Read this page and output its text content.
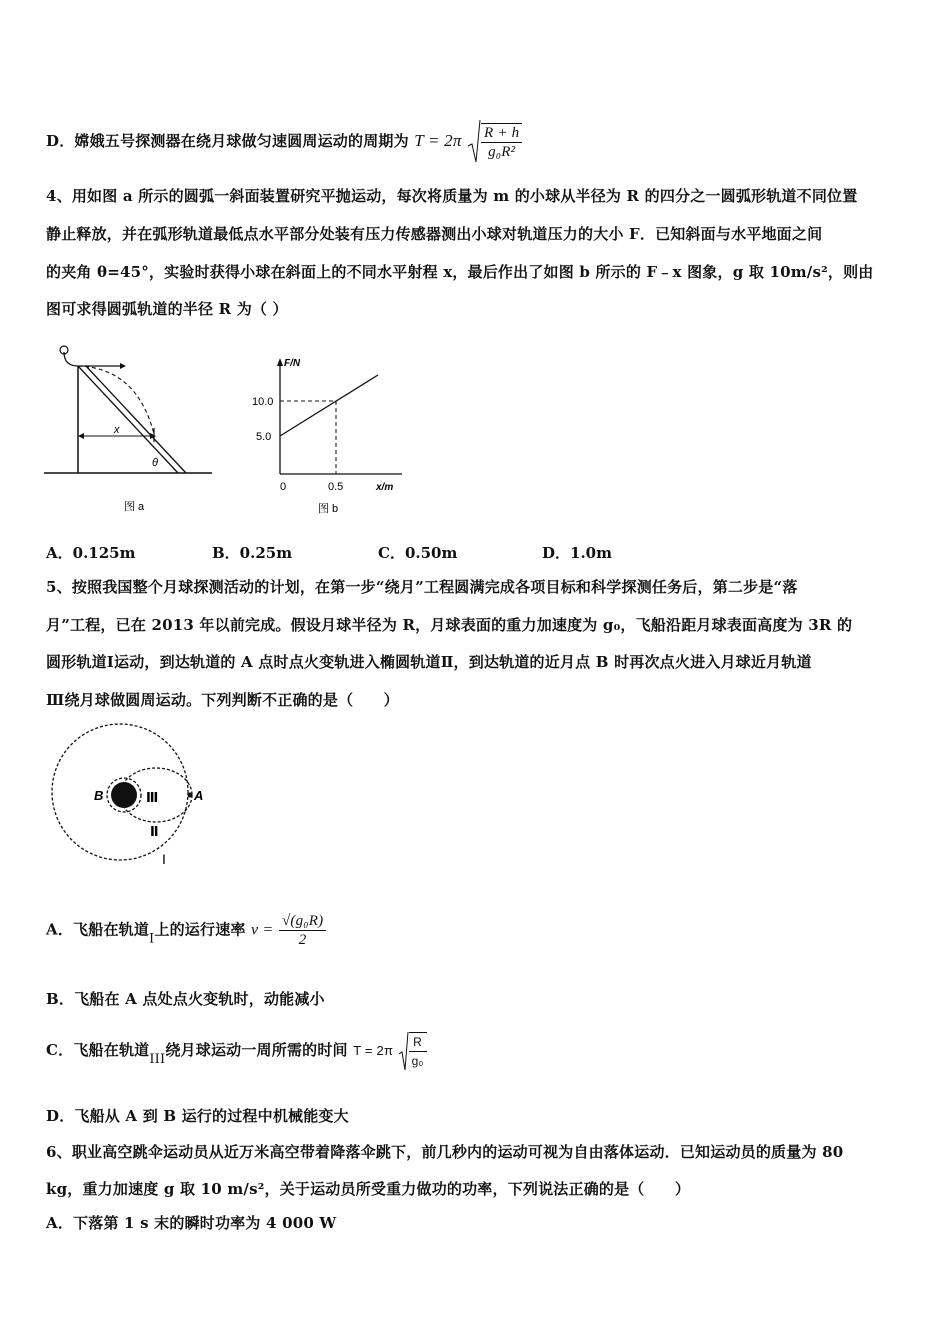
D．嫦娥五号探测器在绕月球做匀速圆周运动的周期为 $T = 2\pi \frac{R + h}{\text{g₀R²}}$
4、用如图 a 所示的圆弧一斜面装置研究平抛运动，每次将质量为 m 的小球从半径为 R 的四分之一圆弧形轨道不同位置
静止释放，并在弧形轨道最低点水平部分处装有压力传感器测出小球对轨道压力的大小 F．已知斜面与水平地面之间
的夹角 θ=45°，实验时获得小球在斜面上的不同水平射程 x，最后作出了如图 b 所示的 F﹣x 图象，g 取 10m/s²，则由
图可求得圆弧轨道的半径 R 为（ ）
x
θ
图 a
F/N
10.0
5.0
0	0.5	x/m
图 b
A．0.125m	B．0.25m	C．0.50m	D．1.0m
5、按照我国整个月球探测活动的计划，在第一步“绕月”工程圆满完成各项目标和科学探测任务后，第二步是“落
月”工程，已在 2013 年以前完成。假设月球半径为 R，月球表面的重力加速度为 g₀，飞船沿距月球表面高度为 3R 的
圆形轨道Ⅰ运动，到达轨道的 A 点时点火变轨进入椭圆轨道Ⅱ，到达轨道的近月点 B 时再次点火进入月球近月轨道
Ⅲ绕月球做圆周运动。下列判断不正确的是（　　）
B	A
Ⅲ
Ⅱ
I
A．飞船在轨道I上的运行速率 $v = \frac{\text{√(g₀R)}}{2}$
B．飞船在 A 点处点火变轨时，动能减小
C．飞船在轨道III绕月球运动一周所需的时间 $T = 2\pi \frac{R}{\text{g₀}}$
D．飞船从 A 到 B 运行的过程中机械能变大
6、职业高空跳伞运动员从近万米高空带着降落伞跳下，前几秒内的运动可视为自由落体运动．已知运动员的质量为 80
kg，重力加速度 g 取 10 m/s²，关于运动员所受重力做功的功率，下列说法正确的是（　　）
A．下落第 1 s 末的瞬时功率为 4 000 W
